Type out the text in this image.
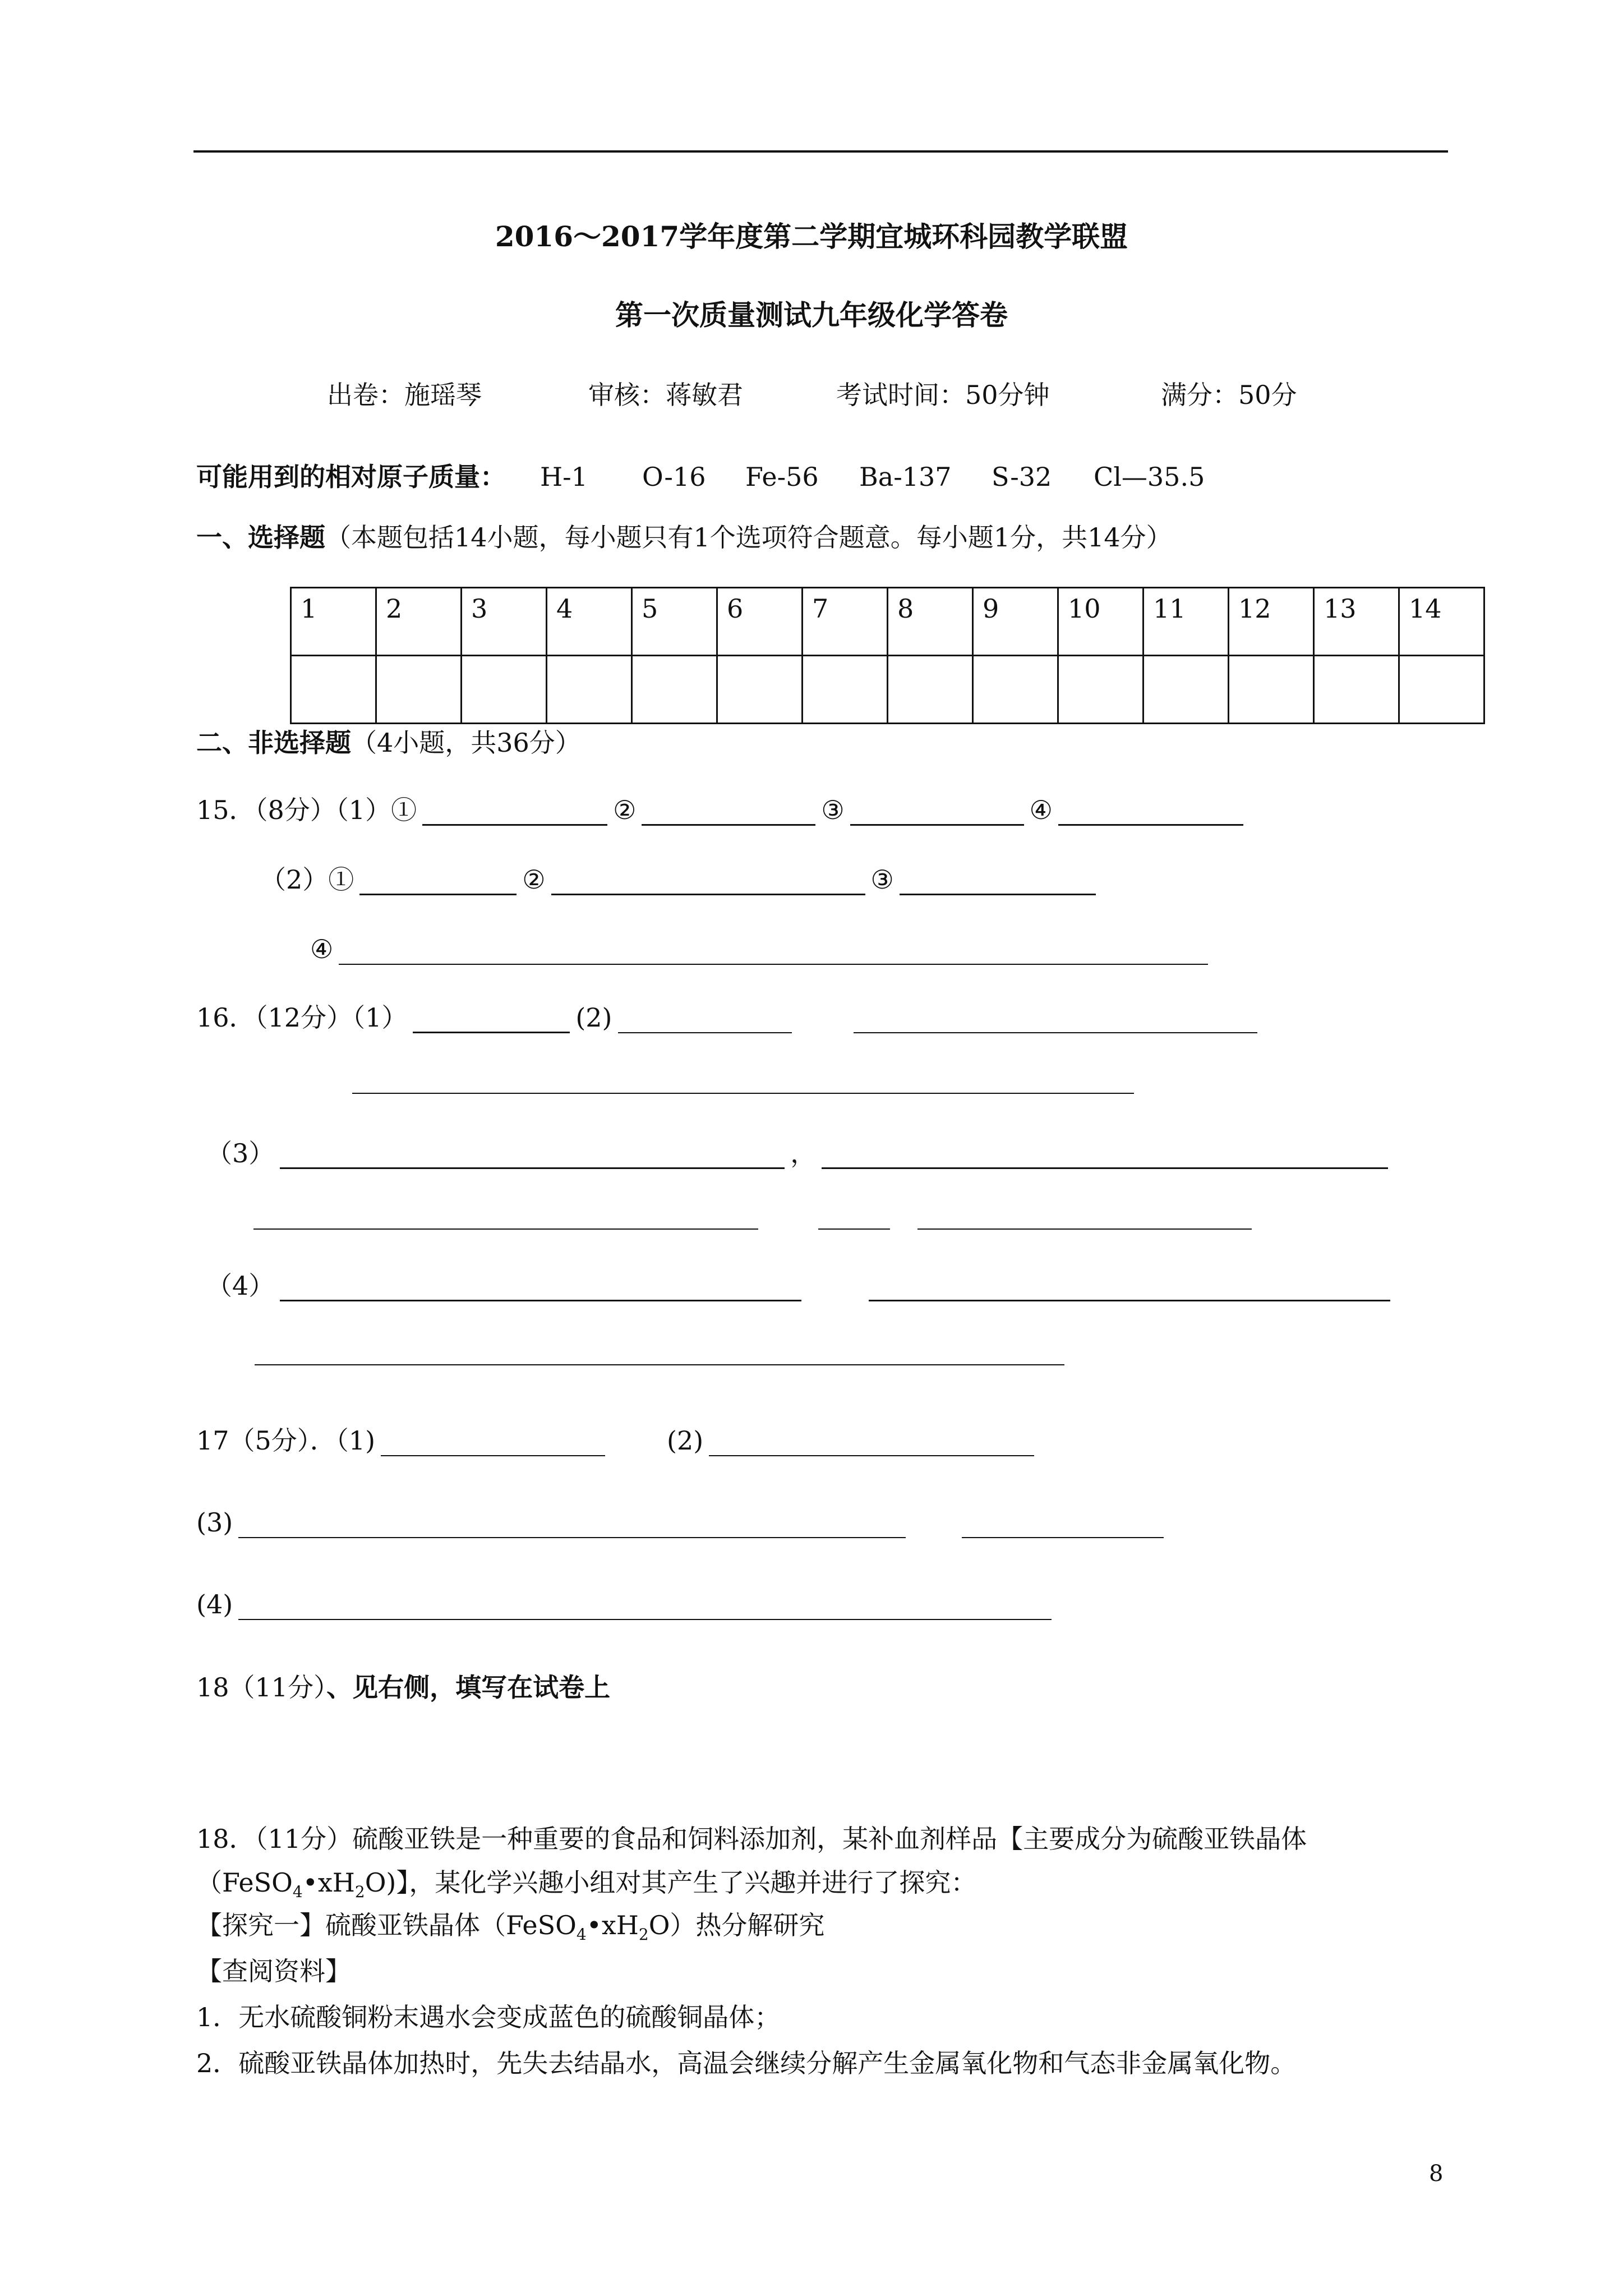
2016～2017学年度第二学期宜城环科园教学联盟
第一次质量测试九年级化学答卷
出卷：施瑶琴	审核：蒋敏君	考试时间：50分钟	满分：50分
可能用到的相对原子质量： H-1 O-16 Fe-56 Ba-137 S-32 Cl—35.5
一、选择题（本题包括14小题，每小题只有1个选项符合题意。每小题1分，共14分）
1	2	3	4	5	6	7	8	9	10	11	12	13	14

二、非选择题（4小题，共36分）
15．（8分）（1）①	②	③	④
（2）①	②	③
④
16．（12分）（1）	(2)
（3）	，
（4）
17（5分）．（1)	(2)
(3)
(4)
18（11分）、见右侧，填写在试卷上
18．（11分）硫酸亚铁是一种重要的食品和饲料添加剂，某补血剂样品【主要成分为硫酸亚铁晶体
$(FeSO_4•xH_2O)$】，某化学兴趣小组对其产生了兴趣并进行了探究：
【探究一】硫酸亚铁晶体$(FeSO_4•xH_2O)$热分解研究
【查阅资料】
1．无水硫酸铜粉末遇水会变成蓝色的硫酸铜晶体；
2．硫酸亚铁晶体加热时，先失去结晶水，高温会继续分解产生金属氧化物和气态非金属氧化物。
8
